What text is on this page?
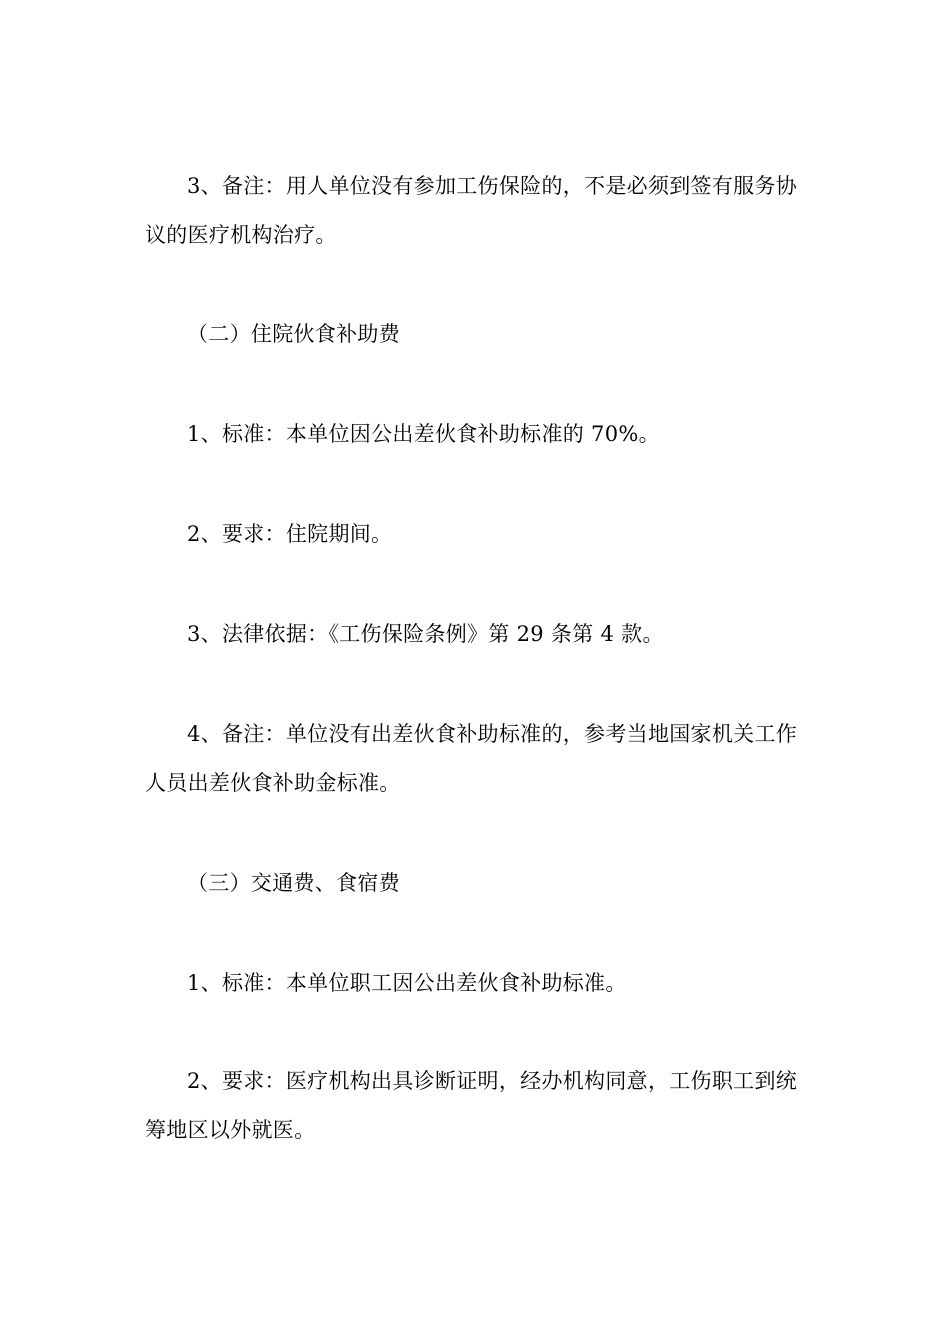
3、备注：用人单位没有参加工伤保险的，不是必须到签有服务协议的医疗机构治疗。

（二）住院伙食补助费

1、标准：本单位因公出差伙食补助标准的 70%。

2、要求：住院期间。

3、法律依据：《工伤保险条例》第 29 条第 4 款。

4、备注：单位没有出差伙食补助标准的，参考当地国家机关工作人员出差伙食补助金标准。

（三）交通费、食宿费

1、标准：本单位职工因公出差伙食补助标准。

2、要求：医疗机构出具诊断证明，经办机构同意，工伤职工到统筹地区以外就医。
